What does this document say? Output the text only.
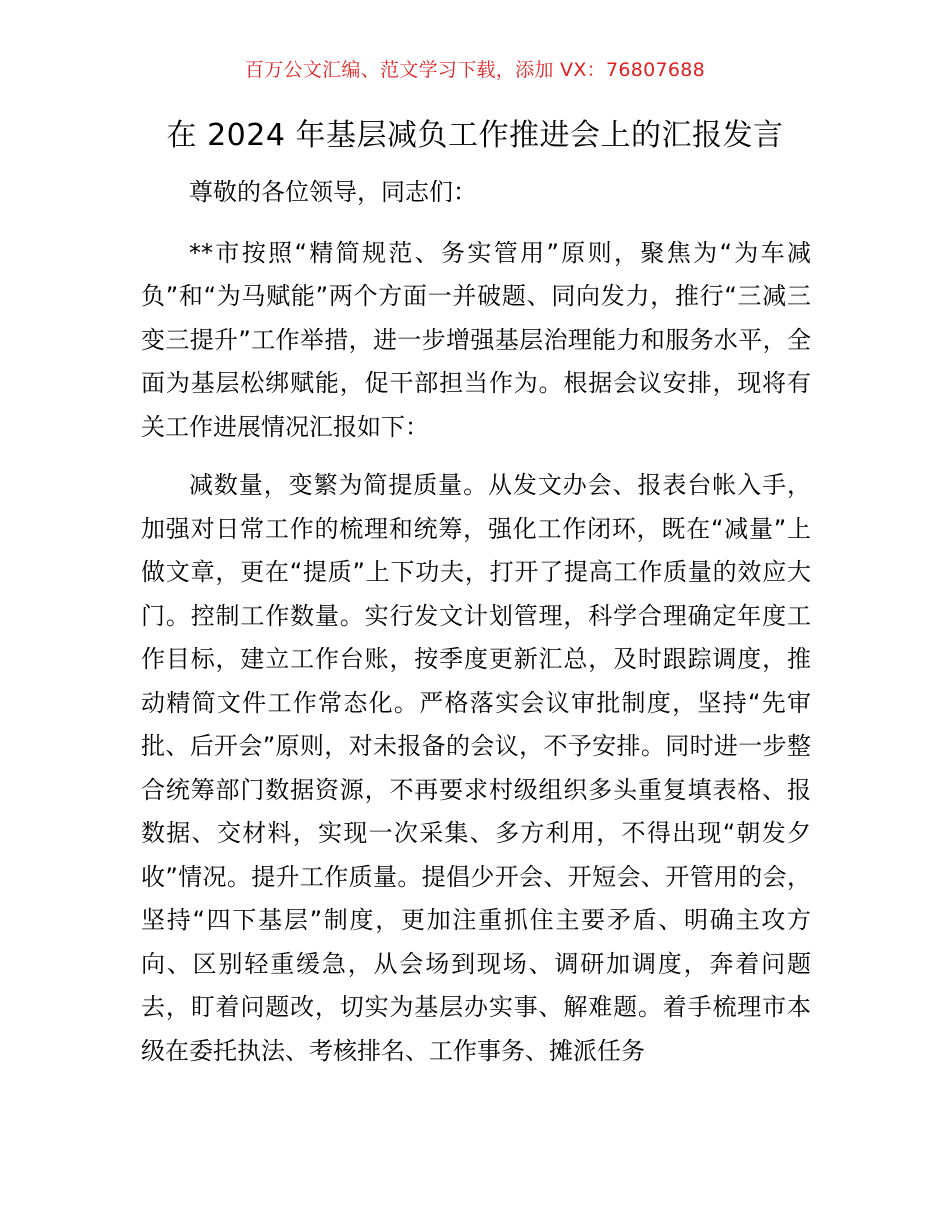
百万公文汇编、范文学习下载，添加 VX：76807688
在 2024 年基层减负工作推进会上的汇报发言

尊敬的各位领导，同志们：

**市按照“精简规范、务实管用”原则，聚焦为“为车减负”和“为马赋能”两个方面一并破题、同向发力，推行“三减三变三提升”工作举措，进一步增强基层治理能力和服务水平，全面为基层松绑赋能，促干部担当作为。根据会议安排，现将有关工作进展情况汇报如下：

减数量，变繁为简提质量。从发文办会、报表台帐入手，加强对日常工作的梳理和统筹，强化工作闭环，既在“减量”上做文章，更在“提质”上下功夫，打开了提高工作质量的效应大门。控制工作数量。实行发文计划管理，科学合理确定年度工作目标，建立工作台账，按季度更新汇总，及时跟踪调度，推动精简文件工作常态化。严格落实会议审批制度，坚持“先审批、后开会”原则，对未报备的会议，不予安排。同时进一步整合统筹部门数据资源，不再要求村级组织多头重复填表格、报数据、交材料，实现一次采集、多方利用，不得出现“朝发夕收”情况。提升工作质量。提倡少开会、开短会、开管用的会，坚持“四下基层”制度，更加注重抓住主要矛盾、明确主攻方向、区别轻重缓急，从会场到现场、调研加调度，奔着问题去，盯着问题改，切实为基层办实事、解难题。着手梳理市本级在委托执法、考核排名、工作事务、摊派任务
